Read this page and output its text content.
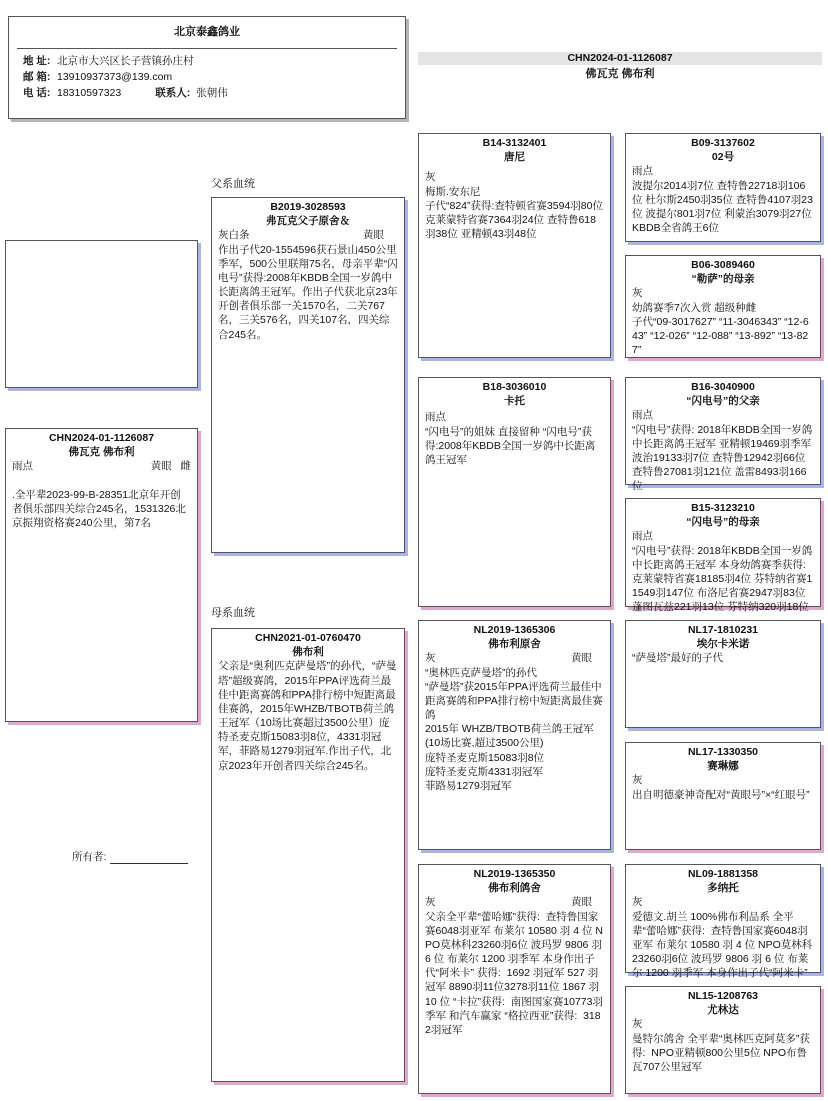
北京泰鑫鸽业
地 址: 北京市大兴区长子营镇孙庄村
邮 箱: 13910937373@139.com
电 话: 18310597323	联系人: 张朝伟
CHN2024-01-1126087
佛瓦克 佛布利
CHN2024-01-1126087
佛瓦克 佛布利
雨点	黄眼 雌
.全平辈2023-99-B-28351北京年开创者俱乐部四关综合245名，1531326北京振翔资格赛240公里，第7名
所有者:
父系血统
母系血统
B2019-3028593
弗瓦克父子原舍＆
灰白条	黄眼
作出子代20-1554596获石景山450公里季军，500公里联翔75名，母亲平辈“闪电号”获得:2008年KBDB全国一岁鸽中长距离鸽王冠军。作出子代获北京23年开创者俱乐部一关1570名，二关767名，三关576名，四关107名，四关综合245名。
CHN2021-01-0760470
佛布利
父亲是“奥利匹克萨曼塔”的孙代，“萨曼塔”超级赛鸽，2015年PPA评选荷兰最佳中距离赛鸽和PPA排行榜中短距离最佳赛鸽，2015年WHZB/TBOTB荷兰鸽王冠军（10场比赛超过3500公里）庞特圣麦克斯15083羽8位，4331羽冠军，菲路易1279羽冠军.作出子代，北京2023年开创者四关综合245名。
B14-3132401
唐尼
灰
梅斯.安东尼
子代“824”获得:查特顿省赛3594羽80位 克莱蒙特省赛7364羽24位 查特鲁618羽38位 亚精顿43羽48位
B18-3036010
卡托
雨点
“闪电号”的姐妹 直接留种 “闪电号”获得:2008年KBDB全国一岁鸽中长距离鸽王冠军
NL2019-1365306
佛布利原舍
灰	黄眼
“奥林匹克萨曼塔”的孙代
“萨曼塔”获2015年PPA评选荷兰最佳中距离赛鸽和PPA排行榜中短距离最佳赛鸽
2015年 WHZB/TBOTB荷兰鸽王冠军
(10场比赛,超过3500公里)
庞特圣麦克斯15083羽8位
庞特圣麦克斯4331羽冠军
菲路易1279羽冠军
NL2019-1365350
佛布利鸽舍
灰	黄眼
父亲全平辈“蕾哈娜”获得:  查特鲁国家赛6048羽亚军 布莱尔 10580 羽 4 位 NPO莫林科23260羽6位 波玛罗 9806 羽 6 位 布莱尔 1200 羽季军 本身作出子代“阿米卡” 获得:  1692 羽冠军 527 羽冠军 8890羽11位3278羽11位 1867 羽 10 位 “卡拉”获得:  南图国家赛10773羽季军 和汽车赢家 “格拉西亚”获得:  3182羽冠军
B09-3137602
02号
雨点
波提尔2014羽7位 查特鲁22718羽106位 杜尔斯2450羽35位 查特鲁4107羽23位 波提尔801羽7位 利蒙治3079羽27位 KBDB全省鸽王6位
B06-3089460
“勒萨”的母亲
灰
幼鸽赛季7次入赏 超级种雌
子代“09-3017627” “11-3046343” “12-643” “12-026” “12-088” “13-892” “13-827”
B16-3040900
“闪电号”的父亲
雨点
“闪电号”获得: 2018年KBDB全国一岁鸽中长距离鸽王冠军 亚精顿19469羽季军 波治19133羽7位 查特鲁12942羽66位 查特鲁27081羽121位 盖雷8493羽166位
B15-3123210
“闪电号”的母亲
雨点
“闪电号”获得: 2018年KBDB全国一岁鸽中长距离鸽王冠军 本身幼鸽赛季获得:克莱蒙特省赛18185羽4位 芬特纳省赛11549羽147位 布洛尼省赛2947羽83位 蓬图瓦兹221羽13位 芬特纳320羽18位
NL17-1810231
埃尔卡米诺
“萨曼塔”最好的子代
NL17-1330350
赛琳娜
灰
出自明德豪神奇配对“黄眼号”×“红眼号”
NL09-1881358
多纳托
灰
爱德文.胡兰 100%佛布利品系 全平辈“蕾哈娜”获得:  查特鲁国家赛6048羽亚军 布莱尔 10580 羽 4 位 NPO莫林科23260羽6位 波玛罗 9806 羽 6 位 布莱尔 1200 羽季军 本身作出子代“阿米卡”
NL15-1208763
尤林达
灰
曼特尔鸽舍 全平辈“奥林匹克阿莫多”获得:  NPO亚精顿800公里5位 NPO布鲁瓦707公里冠军
